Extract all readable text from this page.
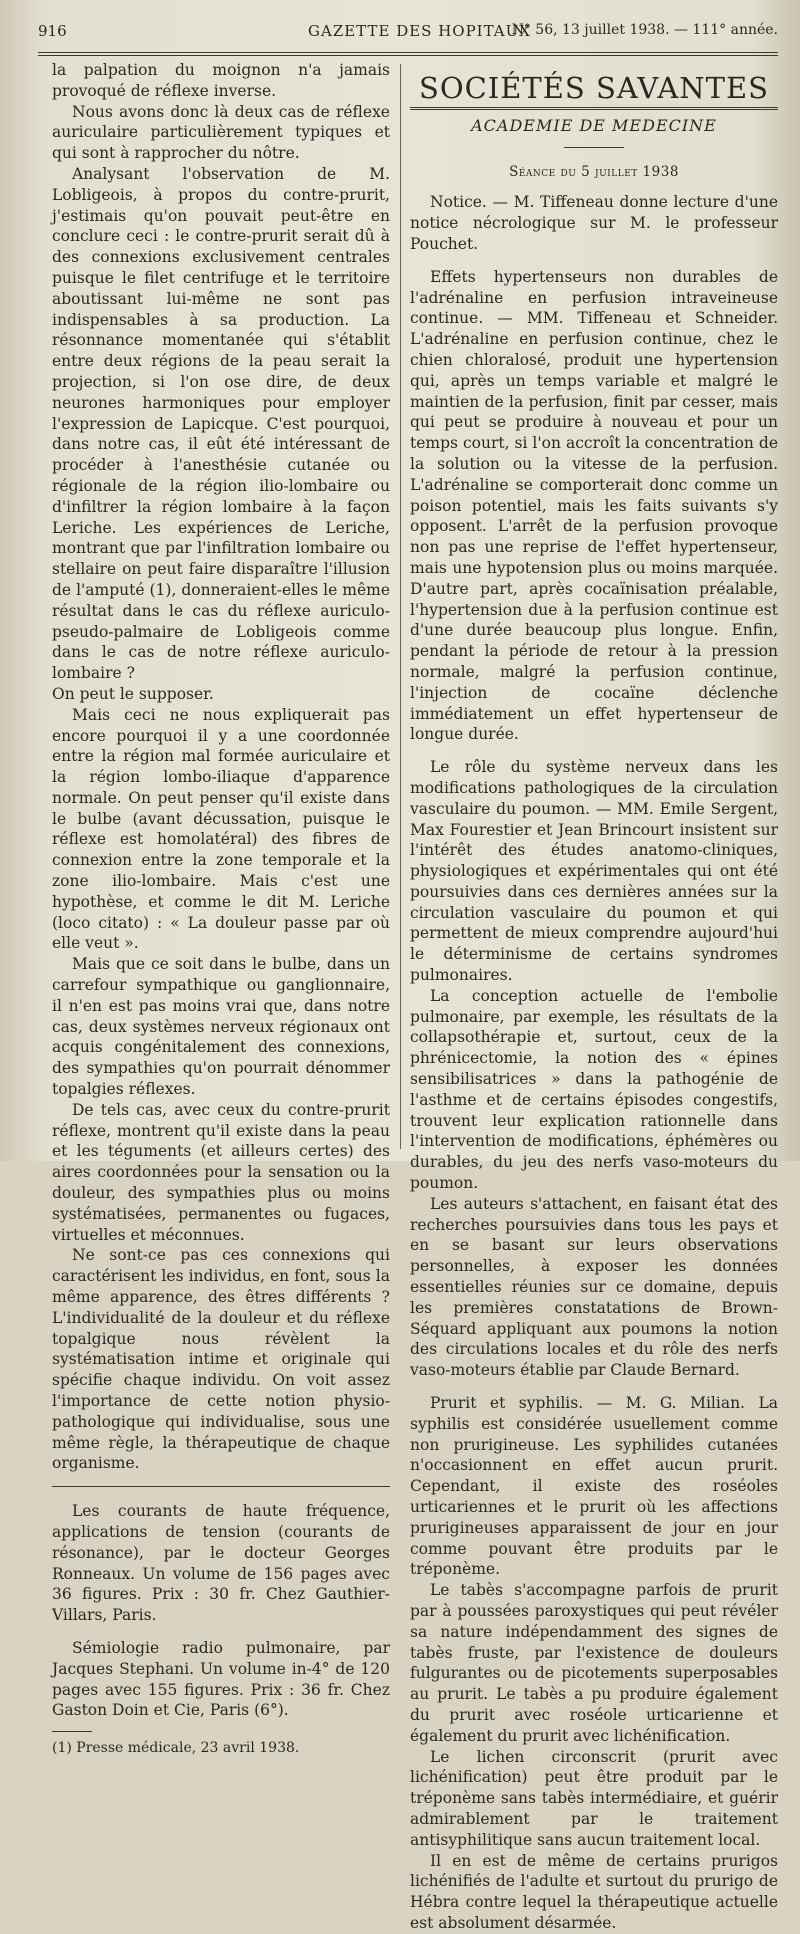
916	GAZETTE DES HOPITAUX
N° 56, 13 juillet 1938. — 111° année.

la palpation du moignon n'a jamais provoqué de réflexe inverse.

Nous avons donc là deux cas de réflexe auriculaire particulièrement typiques et qui sont à rapprocher du nôtre.

Analysant l'observation de M. Lobligeois, à propos du contre-prurit, j'estimais qu'on pouvait peut-être en conclure ceci : le contre-prurit serait dû à des connexions exclusivement centrales puisque le filet centrifuge et le territoire aboutissant lui-même ne sont pas indispensables à sa production. La résonnance momentanée qui s'établit entre deux régions de la peau serait la projection, si l'on ose dire, de deux neurones harmoniques pour employer l'expression de Lapicque. C'est pourquoi, dans notre cas, il eût été intéressant de procéder à l'anesthésie cutanée ou régionale de la région ilio-lombaire ou d'infiltrer la région lombaire à la façon Leriche. Les expériences de Leriche, montrant que par l'infiltration lombaire ou stellaire on peut faire disparaître l'illusion de l'amputé (1), donneraient-elles le même résultat dans le cas du réflexe auriculo-pseudo-palmaire de Lobligeois comme dans le cas de notre réflexe auriculo-lombaire ?

On peut le supposer.

Mais ceci ne nous expliquerait pas encore pourquoi il y a une coordonnée entre la région mal formée auriculaire et la région lombo-iliaque d'apparence normale. On peut penser qu'il existe dans le bulbe (avant décussation, puisque le réflexe est homolatéral) des fibres de connexion entre la zone temporale et la zone ilio-lombaire. Mais c'est une hypothèse, et comme le dit M. Leriche (loco citato) : « La douleur passe par où elle veut ».

Mais que ce soit dans le bulbe, dans un carrefour sympathique ou ganglionnaire, il n'en est pas moins vrai que, dans notre cas, deux systèmes nerveux régionaux ont acquis congénitalement des connexions, des sympathies qu'on pourrait dénommer topalgies réflexes.

De tels cas, avec ceux du contre-prurit réflexe, montrent qu'il existe dans la peau et les téguments (et ailleurs certes) des aires coordonnées pour la sensation ou la douleur, des sympathies plus ou moins systématisées, permanentes ou fugaces, virtuelles et méconnues.

Ne sont-ce pas ces connexions qui caractérisent les individus, en font, sous la même apparence, des êtres différents ? L'individualité de la douleur et du réflexe topalgique nous révèlent la systématisation intime et originale qui spécifie chaque individu. On voit assez l'importance de cette notion physio-pathologique qui individualise, sous une même règle, la thérapeutique de chaque organisme.

Les courants de haute fréquence, applications de tension (courants de résonance), par le docteur Georges Ronneaux. Un volume de 156 pages avec 36 figures. Prix : 30 fr. Chez Gauthier-Villars, Paris.

Sémiologie radio pulmonaire, par Jacques Stephani. Un volume in-4° de 120 pages avec 155 figures. Prix : 36 fr. Chez Gaston Doin et Cie, Paris (6°).

(1) Presse médicale, 23 avril 1938.

SOCIÉTÉS SAVANTES
ACADEMIE DE MEDECINE
Séance du 5 juillet 1938

Notice. — M. Tiffeneau donne lecture d'une notice nécrologique sur M. le professeur Pouchet.

Effets hypertenseurs non durables de l'adrénaline en perfusion intraveineuse continue. — MM. Tiffeneau et Schneider. L'adrénaline en perfusion continue, chez le chien chloralosé, produit une hypertension qui, après un temps variable et malgré le maintien de la perfusion, finit par cesser, mais qui peut se produire à nouveau et pour un temps court, si l'on accroît la concentration de la solution ou la vitesse de la perfusion. L'adrénaline se comporterait donc comme un poison potentiel, mais les faits suivants s'y opposent. L'arrêt de la perfusion provoque non pas une reprise de l'effet hypertenseur, mais une hypotension plus ou moins marquée. D'autre part, après cocaïnisation préalable, l'hypertension due à la perfusion continue est d'une durée beaucoup plus longue. Enfin, pendant la période de retour à la pression normale, malgré la perfusion continue, l'injection de cocaïne déclenche immédiatement un effet hypertenseur de longue durée.

Le rôle du système nerveux dans les modifications pathologiques de la circulation vasculaire du poumon. — MM. Emile Sergent, Max Fourestier et Jean Brincourt insistent sur l'intérêt des études anatomo-cliniques, physiologiques et expérimentales qui ont été poursuivies dans ces dernières années sur la circulation vasculaire du poumon et qui permettent de mieux comprendre aujourd'hui le déterminisme de certains syndromes pulmonaires.

La conception actuelle de l'embolie pulmonaire, par exemple, les résultats de la collapsothérapie et, surtout, ceux de la phrénicectomie, la notion des « épines sensibilisatrices » dans la pathogénie de l'asthme et de certains épisodes congestifs, trouvent leur explication rationnelle dans l'intervention de modifications, éphémères ou durables, du jeu des nerfs vaso-moteurs du poumon.

Les auteurs s'attachent, en faisant état des recherches poursuivies dans tous les pays et en se basant sur leurs observations personnelles, à exposer les données essentielles réunies sur ce domaine, depuis les premières constatations de Brown-Séquard appliquant aux poumons la notion des circulations locales et du rôle des nerfs vaso-moteurs établie par Claude Bernard.

Prurit et syphilis. — M. G. Milian. La syphilis est considérée usuellement comme non prurigineuse. Les syphilides cutanées n'occasionnent en effet aucun prurit. Cependant, il existe des roséoles urticariennes et le prurit où les affections prurigineuses apparaissent de jour en jour comme pouvant être produits par le tréponème.

Le tabès s'accompagne parfois de prurit par à poussées paroxystiques qui peut révéler sa nature indépendamment des signes de tabès fruste, par l'existence de douleurs fulgurantes ou de picotements superposables au prurit. Le tabès a pu produire également du prurit avec roséole urticarienne et également du prurit avec lichénification.

Le lichen circonscrit (prurit avec lichénification) peut être produit par le tréponème sans tabès intermédiaire, et guérir admirablement par le traitement antisyphilitique sans aucun traitement local.

Il en est de même de certains prurigos lichénifiés de l'adulte et surtout du prurigo de Hébra contre lequel la thérapeutique actuelle est absolument désarmée.
